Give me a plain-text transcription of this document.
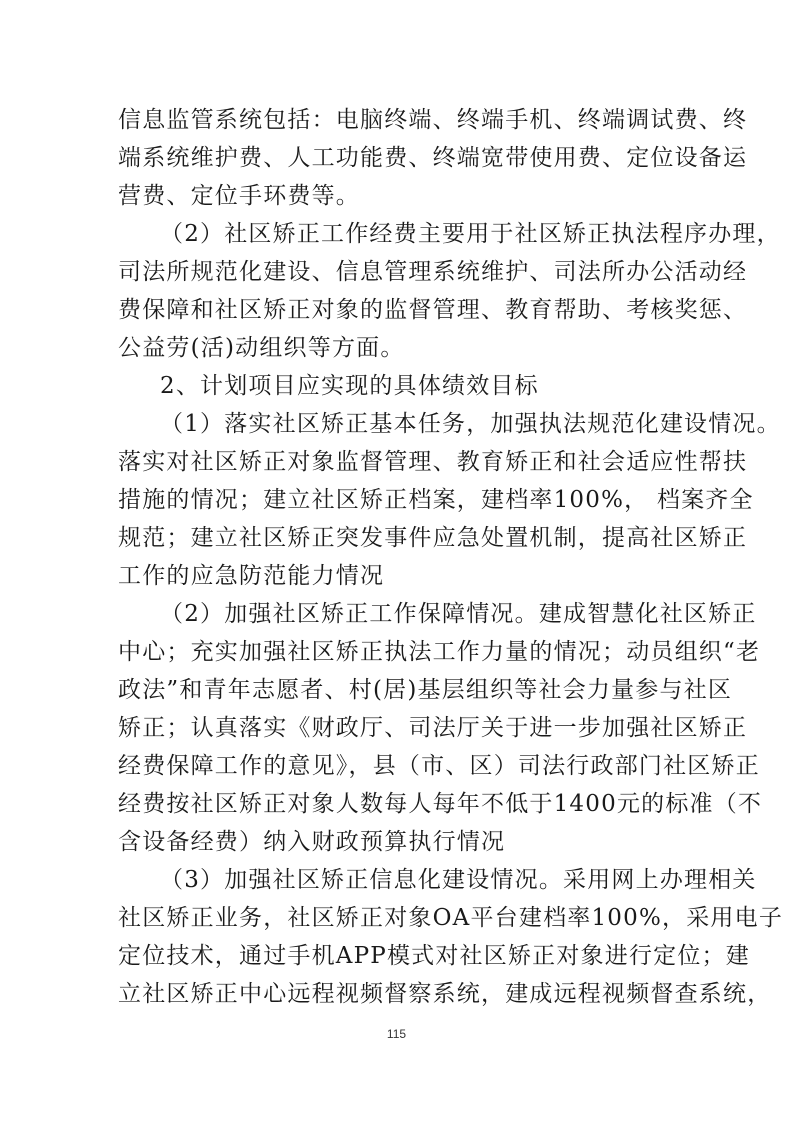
信息监管系统包括：电脑终端、终端手机、终端调试费、终
端系统维护费、人工功能费、终端宽带使用费、定位设备运
营费、定位手环费等。
（2）社区矫正工作经费主要用于社区矫正执法程序办理，
司法所规范化建设、信息管理系统维护、司法所办公活动经
费保障和社区矫正对象的监督管理、教育帮助、考核奖惩、
公益劳(活)动组织等方面。
2、计划项目应实现的具体绩效目标
（1）落实社区矫正基本任务，加强执法规范化建设情况。
落实对社区矫正对象监督管理、教育矫正和社会适应性帮扶
措施的情况；建立社区矫正档案，建档率100%， 档案齐全
规范；建立社区矫正突发事件应急处置机制，提高社区矫正
工作的应急防范能力情况
（2）加强社区矫正工作保障情况。建成智慧化社区矫正
中心；充实加强社区矫正执法工作力量的情况；动员组织“老
政法”和青年志愿者、村(居)基层组织等社会力量参与社区
矫正；认真落实《财政厅、司法厅关于进一步加强社区矫正
经费保障工作的意见》，县（市、区）司法行政部门社区矫正
经费按社区矫正对象人数每人每年不低于1400元的标准（不
含设备经费）纳入财政预算执行情况
（3）加强社区矫正信息化建设情况。采用网上办理相关
社区矫正业务，社区矫正对象OA平台建档率100%，采用电子
定位技术，通过手机APP模式对社区矫正对象进行定位；建
立社区矫正中心远程视频督察系统，建成远程视频督查系统，
115
